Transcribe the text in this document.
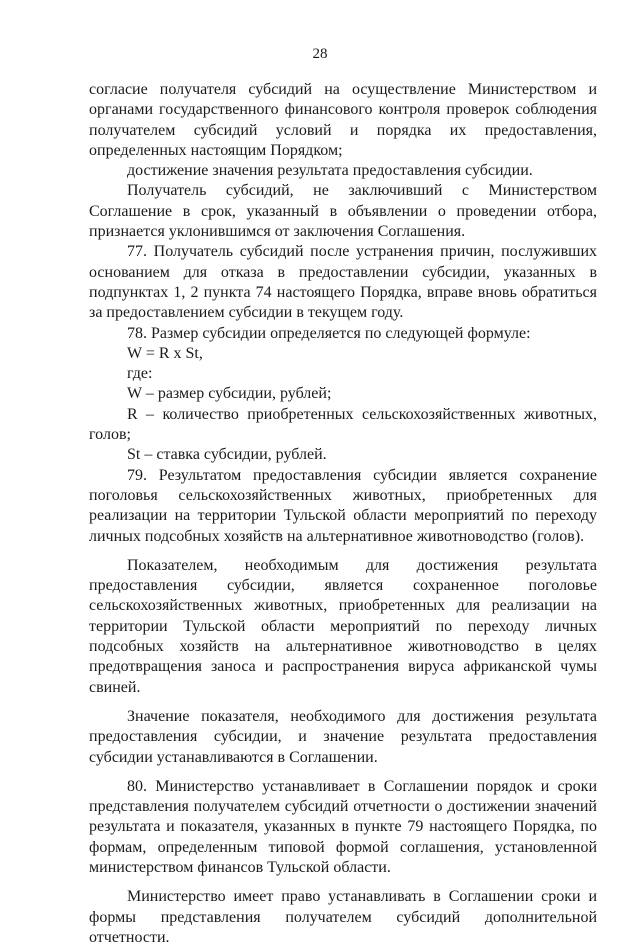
28

согласие получателя субсидий на осуществление Министерством и органами государственного финансового контроля проверок соблюдения получателем субсидий условий и порядка их предоставления, определенных настоящим Порядком;

достижение значения результата предоставления субсидии.

Получатель субсидий, не заключивший с Министерством Соглашение в срок, указанный в объявлении о проведении отбора, признается уклонившимся от заключения Соглашения.

77. Получатель субсидий после устранения причин, послуживших основанием для отказа в предоставлении субсидии, указанных в подпунктах 1, 2 пункта 74 настоящего Порядка, вправе вновь обратиться за предоставлением субсидии в текущем году.

78. Размер субсидии определяется по следующей формуле:

W = R x St,

где:

W – размер субсидии, рублей;

R – количество приобретенных сельскохозяйственных животных, голов;

St – ставка субсидии, рублей.

79. Результатом предоставления субсидии является сохранение поголовья сельскохозяйственных животных, приобретенных для реализации на территории Тульской области мероприятий по переходу личных подсобных хозяйств на альтернативное животноводство (голов).

Показателем, необходимым для достижения результата предоставления субсидии, является сохраненное поголовье сельскохозяйственных животных, приобретенных для реализации на территории Тульской области мероприятий по переходу личных подсобных хозяйств на альтернативное животноводство в целях предотвращения заноса и распространения вируса африканской чумы свиней.

Значение показателя, необходимого для достижения результата предоставления субсидии, и значение результата предоставления субсидии устанавливаются в Соглашении.

80. Министерство устанавливает в Соглашении порядок и сроки представления получателем субсидий отчетности о достижении значений результата и показателя, указанных в пункте 79 настоящего Порядка, по формам, определенным типовой формой соглашения, установленной министерством финансов Тульской области.

Министерство имеет право устанавливать в Соглашении сроки и формы представления получателем субсидий дополнительной отчетности.
